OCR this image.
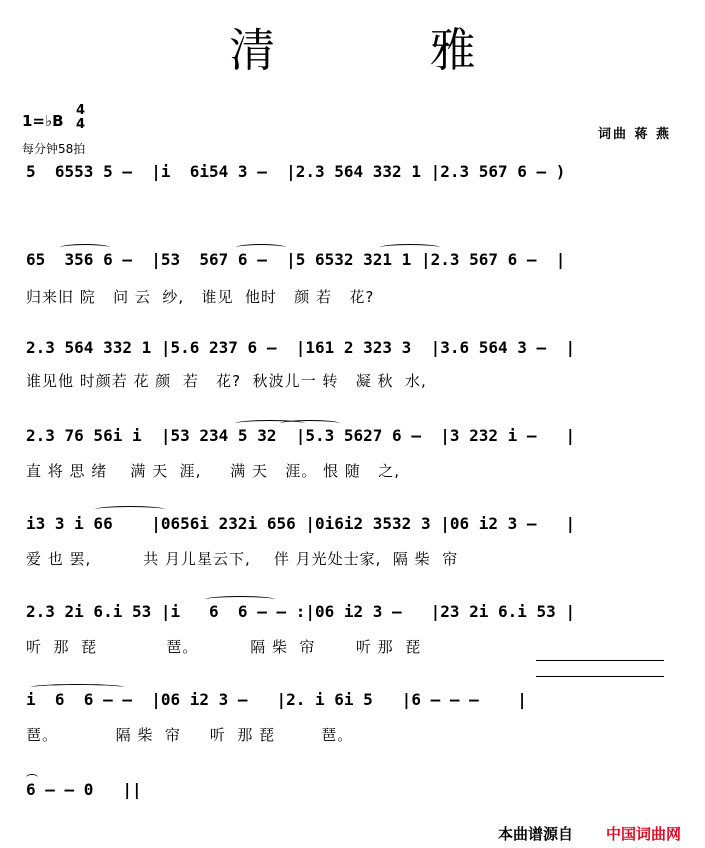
清 雅
1=♭B
4
4
每分钟58拍
词曲 蒋 燕
5  6553 5 –  |i  6i54 3 –  |2.3 564 332 1 |2.3 567 6 – )
65  356 6 –  |53  567 6 –  |5 6532 321 1 |2.3 567 6 –  |
归来旧 院   问 云  纱,   谁见  他时   颜 若   花?
2.3 564 332 1 |5.6 237 6 –  |161 2 323 3  |3.6 564 3 –  |
谁见他 时颜若 花 颜  若   花?  秋波儿一 转   凝 秋  水,
2.3 76 56i i  |53 234 5 32  |5.3 5627 6 –  |3 232 i –   |
直 将 思 绪    满 天  涯,     满 天   涯。 恨 随   之,
i3 3 i 66    |0656i 232i 656 |0i6i2 3532 3 |06 i2 3 –   |
爱 也 罢,         共 月儿星云下,    伴 月光处士家,  隔 柴  帘
2.3 2i 6.i 53 |i   6  6 – – :|06 i2 3 –   |23 2i 6.i 53 |
听  那  琵            琶。         隔 柴  帘       听 那  琵
i  6  6 – –  |06 i2 3 –   |2. i 6i 5   |6 – – –    |
琶。          隔 柴  帘     听  那 琵        琶。
6 – – 0   ||
本曲谱源自 中国词曲网
